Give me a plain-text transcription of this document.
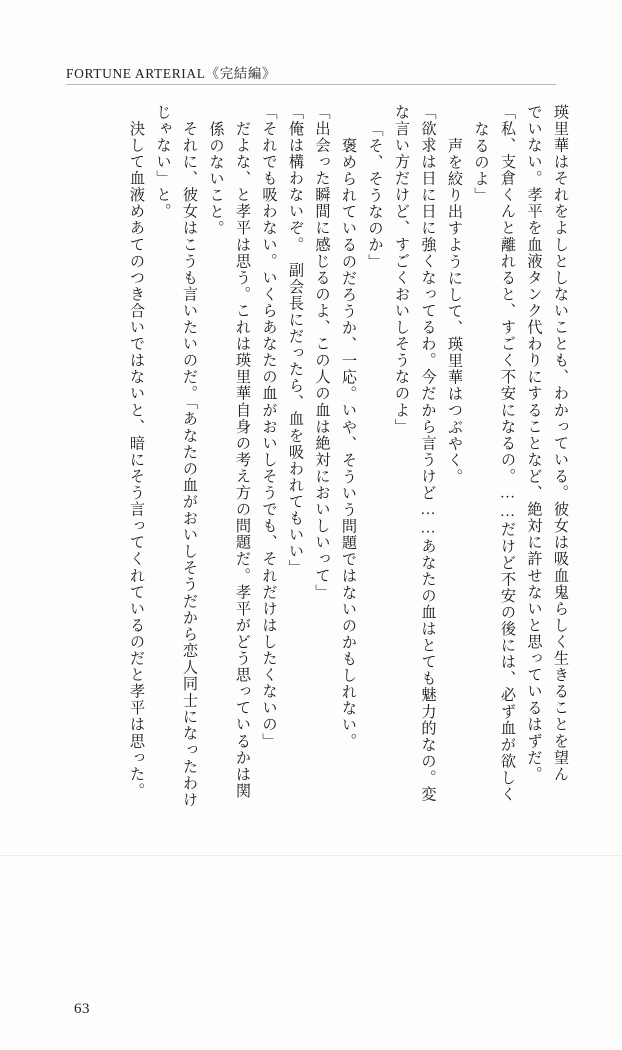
FORTUNE ARTERIAL《完結編》
瑛里華はそれをよしとしないことも、わかっている。彼女は吸血鬼らしく生きることを望ん
でいない。孝平を血液タンク代わりにすることなど、絶対に許せないと思っているはずだ。
「私、支倉くんと離れると、すごく不安になるの。……だけど不安の後には、必ず血が欲しく
なるのよ」
　声を絞り出すようにして、瑛里華はつぶやく。
「欲求は日に日に強くなってるわ。今だから言うけど……あなたの血はとても魅力的なの。変
な言い方だけど、すごくおいしそうなのよ」
「そ、そうなのか」
　褒められているのだろうか、一応。いや、そういう問題ではないのかもしれない。
「出会った瞬間に感じるのよ、この人の血は絶対においしいって」
「俺は構わないぞ。　副会長にだったら、血を吸われてもいい」
「それでも吸わない。いくらあなたの血がおいしそうでも、それだけはしたくないの」
　だよな、と孝平は思う。これは瑛里華自身の考え方の問題だ。孝平がどう思っているかは関
係のないこと。
　それに、彼女はこうも言いたいのだ。「あなたの血がおいしそうだから恋人同士になったわけ
じゃない」と。
　決して血液めあてのつき合いではないと、暗にそう言ってくれているのだと孝平は思った。
63
